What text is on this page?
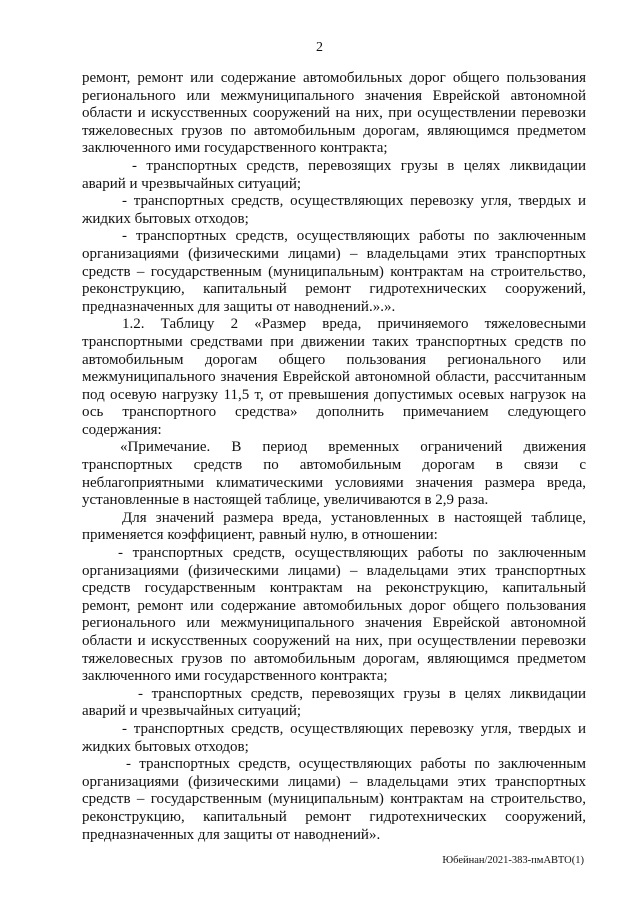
2
ремонт, ремонт или содержание автомобильных дорог общего пользования
регионального или межмуниципального значения Еврейской автономной
области и искусственных сооружений на них, при осуществлении перевозки
тяжеловесных грузов по автомобильным дорогам, являющимся предметом
заключенного ими государственного контракта;
- транспортных средств, перевозящих грузы в целях ликвидации
аварий и чрезвычайных ситуаций;
- транспортных средств, осуществляющих перевозку угля, твердых и
жидких бытовых отходов;
- транспортных средств, осуществляющих работы по заключенным
организациями (физическими лицами) – владельцами этих транспортных
средств – государственным (муниципальным) контрактам на строительство,
реконструкцию, капитальный ремонт гидротехнических сооружений,
предназначенных для защиты от наводнений.».».
1.2. Таблицу 2 «Размер вреда, причиняемого тяжеловесными
транспортными средствами при движении таких транспортных средств по
автомобильным дорогам общего пользования регионального или
межмуниципального значения Еврейской автономной области, рассчитанным
под осевую нагрузку 11,5 т, от превышения допустимых осевых нагрузок на
ось транспортного средства» дополнить примечанием следующего
содержания:
«Примечание. В период временных ограничений движения
транспортных средств по автомобильным дорогам в связи с
неблагоприятными климатическими условиями значения размера вреда,
установленные в настоящей таблице, увеличиваются в 2,9 раза.
Для значений размера вреда, установленных в настоящей таблице,
применяется коэффициент, равный нулю, в отношении:
- транспортных средств, осуществляющих работы по заключенным
организациями (физическими лицами) – владельцами этих транспортных
средств государственным контрактам на реконструкцию, капитальный
ремонт, ремонт или содержание автомобильных дорог общего пользования
регионального или межмуниципального значения Еврейской автономной
области и искусственных сооружений на них, при осуществлении перевозки
тяжеловесных грузов по автомобильным дорогам, являющимся предметом
заключенного ими государственного контракта;
- транспортных средств, перевозящих грузы в целях ликвидации
аварий и чрезвычайных ситуаций;
- транспортных средств, осуществляющих перевозку угля, твердых и
жидких бытовых отходов;
- транспортных средств, осуществляющих работы по заключенным
организациями (физическими лицами) – владельцами этих транспортных
средств – государственным (муниципальным) контрактам на строительство,
реконструкцию, капитальный ремонт гидротехнических сооружений,
предназначенных для защиты от наводнений».
Юбейнан/2021-383-пмАВТО(1)
